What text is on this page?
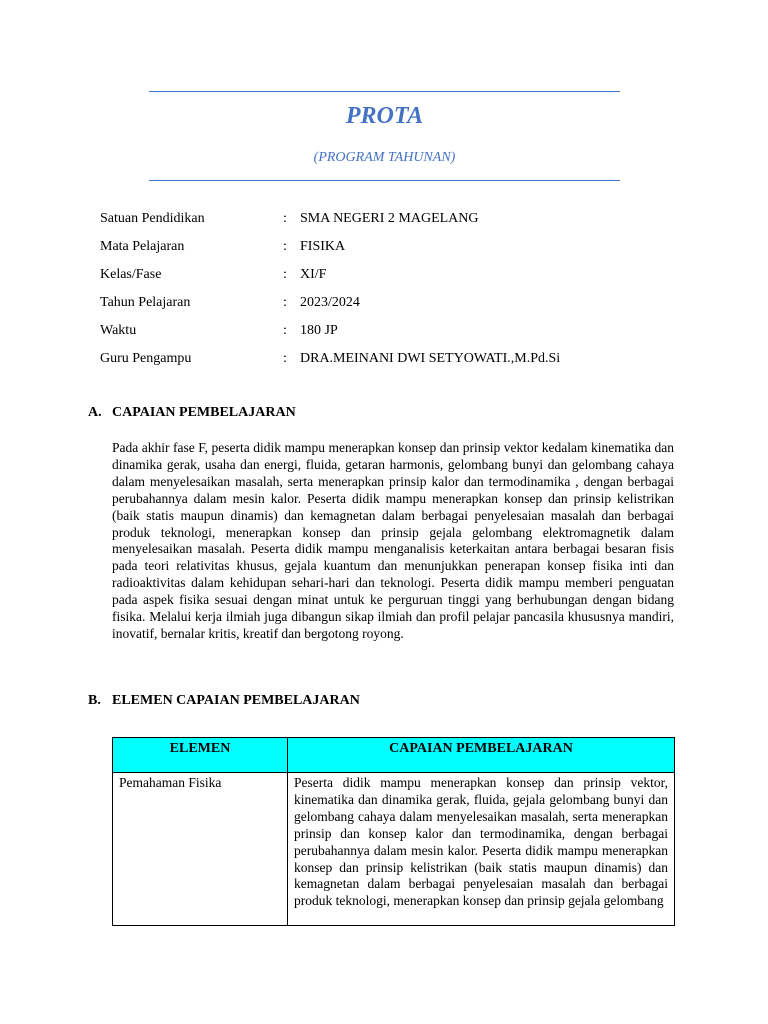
PROTA
(PROGRAM TAHUNAN)
Satuan Pendidikan	: SMA NEGERI 2 MAGELANG
Mata Pelajaran	: FISIKA
Kelas/Fase	: XI/F
Tahun Pelajaran	: 2023/2024
Waktu	: 180 JP
Guru Pengampu	: DRA.MEINANI DWI SETYOWATI.,M.Pd.Si
A. CAPAIAN PEMBELAJARAN

Pada akhir fase F, peserta didik mampu menerapkan konsep dan prinsip vektor kedalam kinematika dan dinamika gerak, usaha dan energi, fluida, getaran harmonis, gelombang bunyi dan gelombang cahaya dalam menyelesaikan masalah, serta menerapkan prinsip kalor dan termodinamika , dengan berbagai perubahannya dalam mesin kalor. Peserta didik mampu menerapkan konsep dan prinsip kelistrikan (baik statis maupun dinamis) dan kemagnetan dalam berbagai penyelesaian masalah dan berbagai produk teknologi, menerapkan konsep dan prinsip gejala gelombang elektromagnetik dalam menyelesaikan masalah. Peserta didik mampu menganalisis keterkaitan antara berbagai besaran fisis pada teori relativitas khusus, gejala kuantum dan menunjukkan penerapan konsep fisika inti dan radioaktivitas dalam kehidupan sehari-hari dan teknologi. Peserta didik mampu memberi penguatan pada aspek fisika sesuai dengan minat untuk ke perguruan tinggi yang berhubungan dengan bidang fisika. Melalui kerja ilmiah juga dibangun sikap ilmiah dan profil pelajar pancasila khususnya mandiri, inovatif, bernalar kritis, kreatif dan bergotong royong.

B. ELEMEN CAPAIAN PEMBELAJARAN
ELEMEN	CAPAIAN PEMBELAJARAN
Pemahaman Fisika	Peserta didik mampu menerapkan konsep dan prinsip vektor, kinematika dan dinamika gerak, fluida, gejala gelombang bunyi dan gelombang cahaya dalam menyelesaikan masalah, serta menerapkan prinsip dan konsep kalor dan termodinamika, dengan berbagai perubahannya dalam mesin kalor. Peserta didik mampu menerapkan konsep dan prinsip kelistrikan (baik statis maupun dinamis) dan kemagnetan dalam berbagai penyelesaian masalah dan berbagai produk teknologi, menerapkan konsep dan prinsip gejala gelombang
